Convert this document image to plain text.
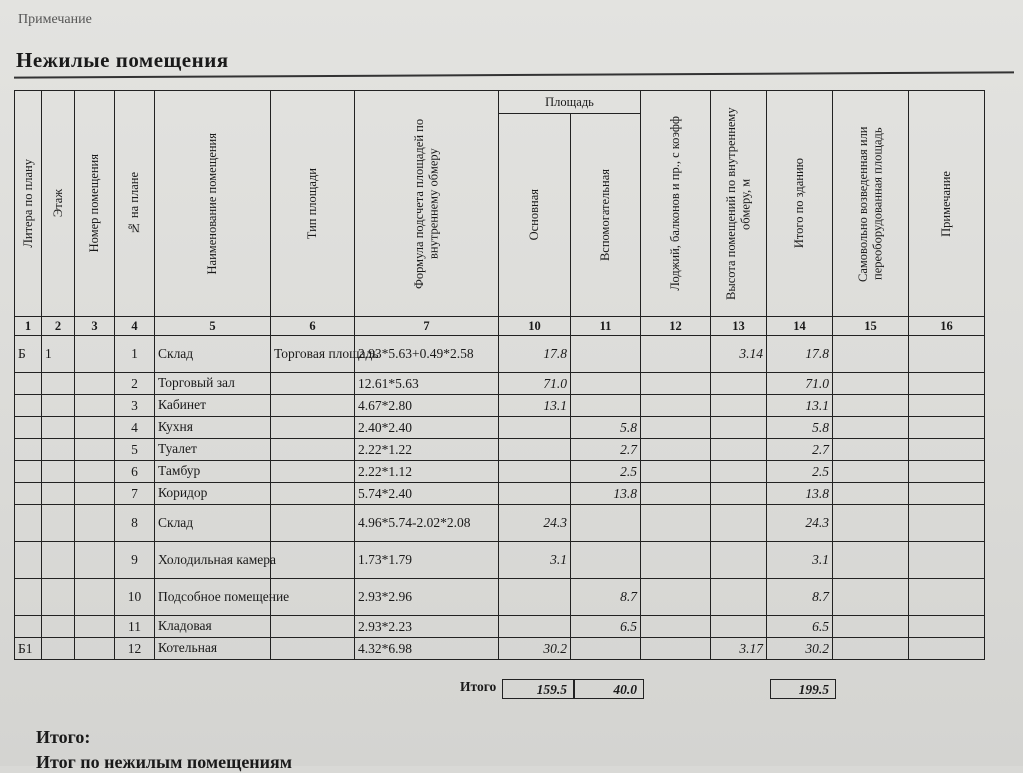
Примечание
Нежилые помещения
Литера по плану	Этаж	Номер помещения	№ на плане	Наименование помещения	Тип площади	Формула подсчета площадей по внутреннему обмеру	Площадь		Лоджий, балконов и пр., с коэфф	Высота помещений по внутреннему обмеру, м	Итого по зданию	Самовольно возведенная или переоборудованная площадь	Примечание

							Основная	Вспомогательная					

1	2	3	4	5	6	7	10	11	12	13	14	15	16
Б	1		1	Склад	Торговая площадь	2.93*5.63+0.49*2.58	17.8			3.14	17.8		
			2	Торговый зал		12.61*5.63	71.0				71.0		
			3	Кабинет		4.67*2.80	13.1				13.1		
			4	Кухня		2.40*2.40		5.8			5.8		
			5	Туалет		2.22*1.22		2.7			2.7		
			6	Тамбур		2.22*1.12		2.5			2.5		
			7	Коридор		5.74*2.40		13.8			13.8		
			8	Склад		4.96*5.74-2.02*2.08	24.3				24.3		
			9	Холодильная камера		1.73*1.79	3.1				3.1		
			10	Подсобное помещение		2.93*2.96		8.7			8.7		
			11	Кладовая		2.93*2.23		6.5			6.5		
Б1			12	Котельная		4.32*6.98	30.2			3.17	30.2		
Итого	159.5	40.0	199.5
Итого:
Итог по нежилым помещениям
